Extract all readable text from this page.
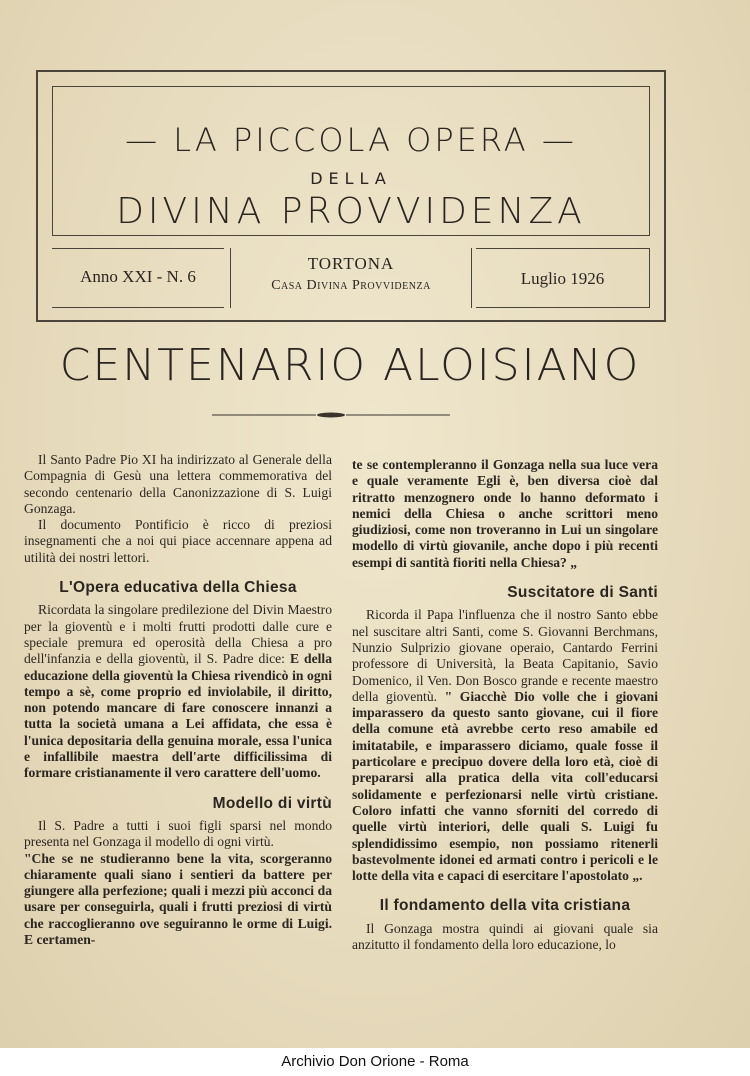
— LA PICCOLA OPERA —
DELLA
DIVINA PROVVIDENZA
Anno XXI - N. 6
TORTONA
Casa Divina Provvidenza	Luglio 1926
CENTENARIO ALOISIANO

Il Santo Padre Pio XI ha indirizzato al Generale della Compagnia di Gesù una lettera commemorativa del secondo centenario della Canonizzazione di S. Luigi Gonzaga.

Il documento Pontificio è ricco di preziosi insegnamenti che a noi qui piace accennare appena ad utilità dei nostri lettori.

L'Opera educativa della Chiesa

Ricordata la singolare predilezione del Divin Maestro per la gioventù e i molti frutti prodotti dalle cure e speciale premura ed operosità della Chiesa a pro dell'infanzia e della gioventù, il S. Padre dice: E della educazione della gioventù la Chiesa rivendicò in ogni tempo a sè, come proprio ed inviolabile, il diritto, non potendo mancare di fare conoscere innanzi a tutta la società umana a Lei affidata, che essa è l'unica depositaria della genuina morale, essa l'unica e infallibile maestra dell'arte difficilissima di formare cristianamente il vero carattere dell'uomo.

Modello di virtù

Il S. Padre a tutti i suoi figli sparsi nel mondo presenta nel Gonzaga il modello di ogni virtù.

"Che se ne studieranno bene la vita, scorgeranno chiaramente quali siano i sentieri da battere per giungere alla perfezione; quali i mezzi più acconci da usare per conseguirla, quali i frutti preziosi di virtù che raccoglieranno ove seguiranno le orme di Luigi. E certamen-

te se contempleranno il Gonzaga nella sua luce vera e quale veramente Egli è, ben diversa cioè dal ritratto menzognero onde lo hanno deformato i nemici della Chiesa o anche scrittori meno giudiziosi, come non troveranno in Lui un singolare modello di virtù giovanile, anche dopo i più recenti esempi di santità fioriti nella Chiesa? „

Suscitatore di Santi

Ricorda il Papa l'influenza che il nostro Santo ebbe nel suscitare altri Santi, come S. Giovanni Berchmans, Nunzio Sulprizio giovane operaio, Cantardo Ferrini professore di Università, la Beata Capitanio, Savio Domenico, il Ven. Don Bosco grande e recente maestro della gioventù. " Giacchè Dio volle che i giovani imparassero da questo santo giovane, cui il fiore della comune età avrebbe certo reso amabile ed imitatabile, e imparassero diciamo, quale fosse il particolare e precipuo dovere della loro età, cioè di prepararsi alla pratica della vita coll'educarsi solidamente e perfezionarsi nelle virtù cristiane. Coloro infatti che vanno sforniti del corredo di quelle virtù interiori, delle quali S. Luigi fu splendidissimo esempio, non possiamo ritenerli bastevolmente idonei ed armati contro i pericoli e le lotte della vita e capaci di esercitare l'apostolato „.

Il fondamento della vita cristiana

Il Gonzaga mostra quindi ai giovani quale sia anzitutto il fondamento della loro educazione, lo

Archivio Don Orione - Roma
